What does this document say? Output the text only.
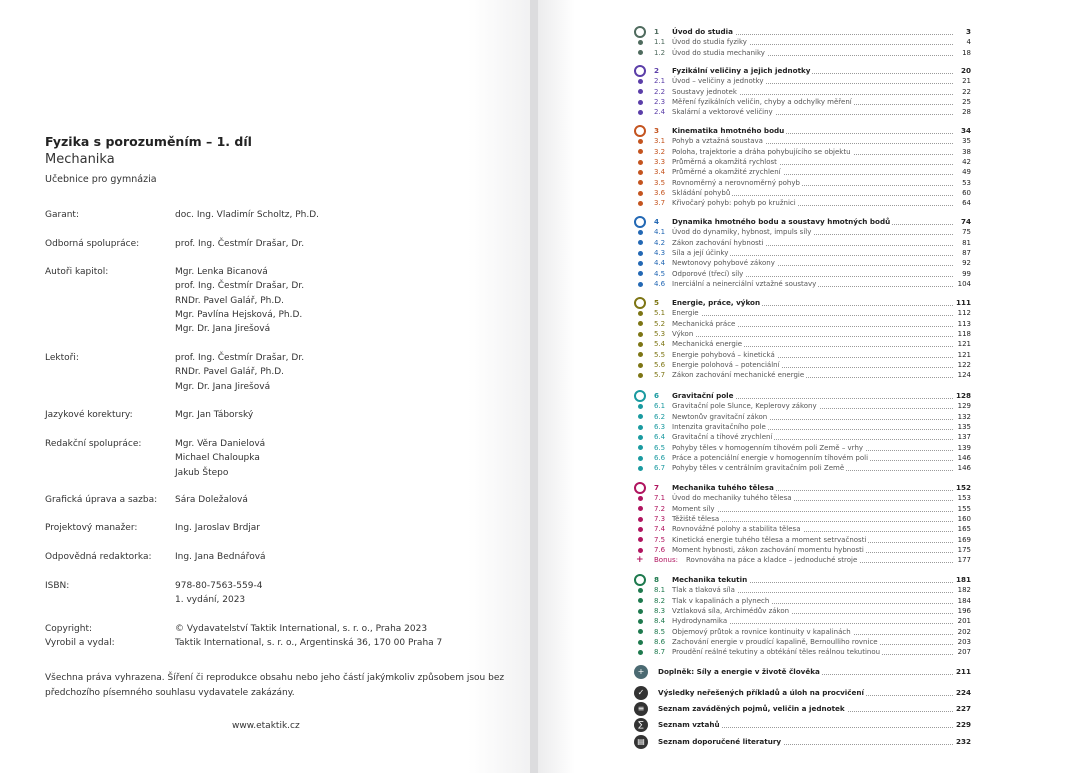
Fyzika s porozuměním – 1. díl
Mechanika
Učebnice pro gymnázia
Garant:	doc. Ing. Vladimír Scholtz, Ph.D.
Odborná spolupráce:	prof. Ing. Čestmír Drašar, Dr.
Autoři kapitol:	Mgr. Lenka Bicanová
prof. Ing. Čestmír Drašar, Dr.
RNDr. Pavel Galář, Ph.D.
Mgr. Pavlína Hejsková, Ph.D.
Mgr. Dr. Jana Jirešová
Lektoři:	prof. Ing. Čestmír Drašar, Dr.
RNDr. Pavel Galář, Ph.D.
Mgr. Dr. Jana Jirešová
Jazykové korektury:	Mgr. Jan Táborský
Redakční spolupráce:	Mgr. Věra Danielová
Michael Chaloupka
Jakub Štepo
Grafická úprava a sazba: Sára Doležalová
Projektový manažer:	Ing. Jaroslav Brdjar
Odpovědná redaktorka:	Ing. Jana Bednářová
ISBN:	978-80-7563-559-4
1. vydání, 2023
Copyright:	© Vydavatelství Taktik International, s. r. o., Praha 2023
Vyrobil a vydal:	Taktik International, s. r. o., Argentinská 36, 170 00 Praha 7
Všechna práva vyhrazena. Šíření či reprodukce obsahu nebo jeho částí jakýmkoliv způsobem jsou bez předchozího písemného souhlasu vydavatele zakázány.
www.etaktik.cz
1 Úvod do studia	3
1.1 Úvod do studia fyziky	4
1.2 Úvod do studia mechaniky	18
2 Fyzikální veličiny a jejich jednotky	20
2.1 Úvod – veličiny a jednotky	21
2.2 Soustavy jednotek	22
2.3 Měření fyzikálních veličin, chyby a odchylky měření	25
2.4 Skalární a vektorové veličiny	28
3 Kinematika hmotného bodu	34
3.1 Pohyb a vztažná soustava	35
3.2 Poloha, trajektorie a dráha pohybujícího se objektu	38
3.3 Průměrná a okamžitá rychlost	42
3.4 Průměrné a okamžité zrychlení	49
3.5 Rovnoměrný a nerovnoměrný pohyb	53
3.6 Skládání pohybů	60
3.7 Křivočarý pohyb: pohyb po kružnici	64
4 Dynamika hmotného bodu a soustavy hmotných bodů	74
4.1 Úvod do dynamiky, hybnost, impuls síly	75
4.2 Zákon zachování hybnosti	81
4.3 Síla a její účinky	87
4.4 Newtonovy pohybové zákony	92
4.5 Odporové (třecí) síly	99
4.6 Inerciální a neinerciální vztažné soustavy	104
5 Energie, práce, výkon	111
5.1 Energie	112
5.2 Mechanická práce	113
5.3 Výkon	118
5.4 Mechanická energie	121
5.5 Energie pohybová – kinetická	121
5.6 Energie polohová – potenciální	122
5.7 Zákon zachování mechanické energie	124
6 Gravitační pole	128
6.1 Gravitační pole Slunce, Keplerovy zákony	129
6.2 Newtonův gravitační zákon	132
6.3 Intenzita gravitačního pole	135
6.4 Gravitační a tíhové zrychlení	137
6.5 Pohyby těles v homogenním tíhovém poli Země – vrhy	139
6.6 Práce a potenciální energie v homogenním tíhovém poli	146
6.7 Pohyby těles v centrálním gravitačním poli Země	146
7 Mechanika tuhého tělesa	152
7.1 Úvod do mechaniky tuhého tělesa	153
7.2 Moment síly	155
7.3 Těžiště tělesa	160
7.4 Rovnovážné polohy a stabilita tělesa	165
7.5 Kinetická energie tuhého tělesa a moment setrvačnosti	169
7.6 Moment hybnosti, zákon zachování momentu hybnosti	175
+ Bonus: Rovnováha na páce a kladce – jednoduché stroje	177
8 Mechanika tekutin	181
8.1 Tlak a tlaková síla	182
8.2 Tlak v kapalinách a plynech	184
8.3 Vztlaková síla, Archimédův zákon	196
8.4 Hydrodynamika	201
8.5 Objemový průtok a rovnice kontinuity v kapalinách	202
8.6 Zachování energie v proudící kapalině, Bernoulliho rovnice	203
8.7 Proudění reálné tekutiny a obtékání těles reálnou tekutinou	207
+	Doplněk: Síly a energie v životě člověka	211
✓	Výsledky neřešených příkladů a úloh na procvičení	224
≡	Seznam zaváděných pojmů, veličin a jednotek	227
∑	Seznam vztahů	229
▤	Seznam doporučené literatury	232
